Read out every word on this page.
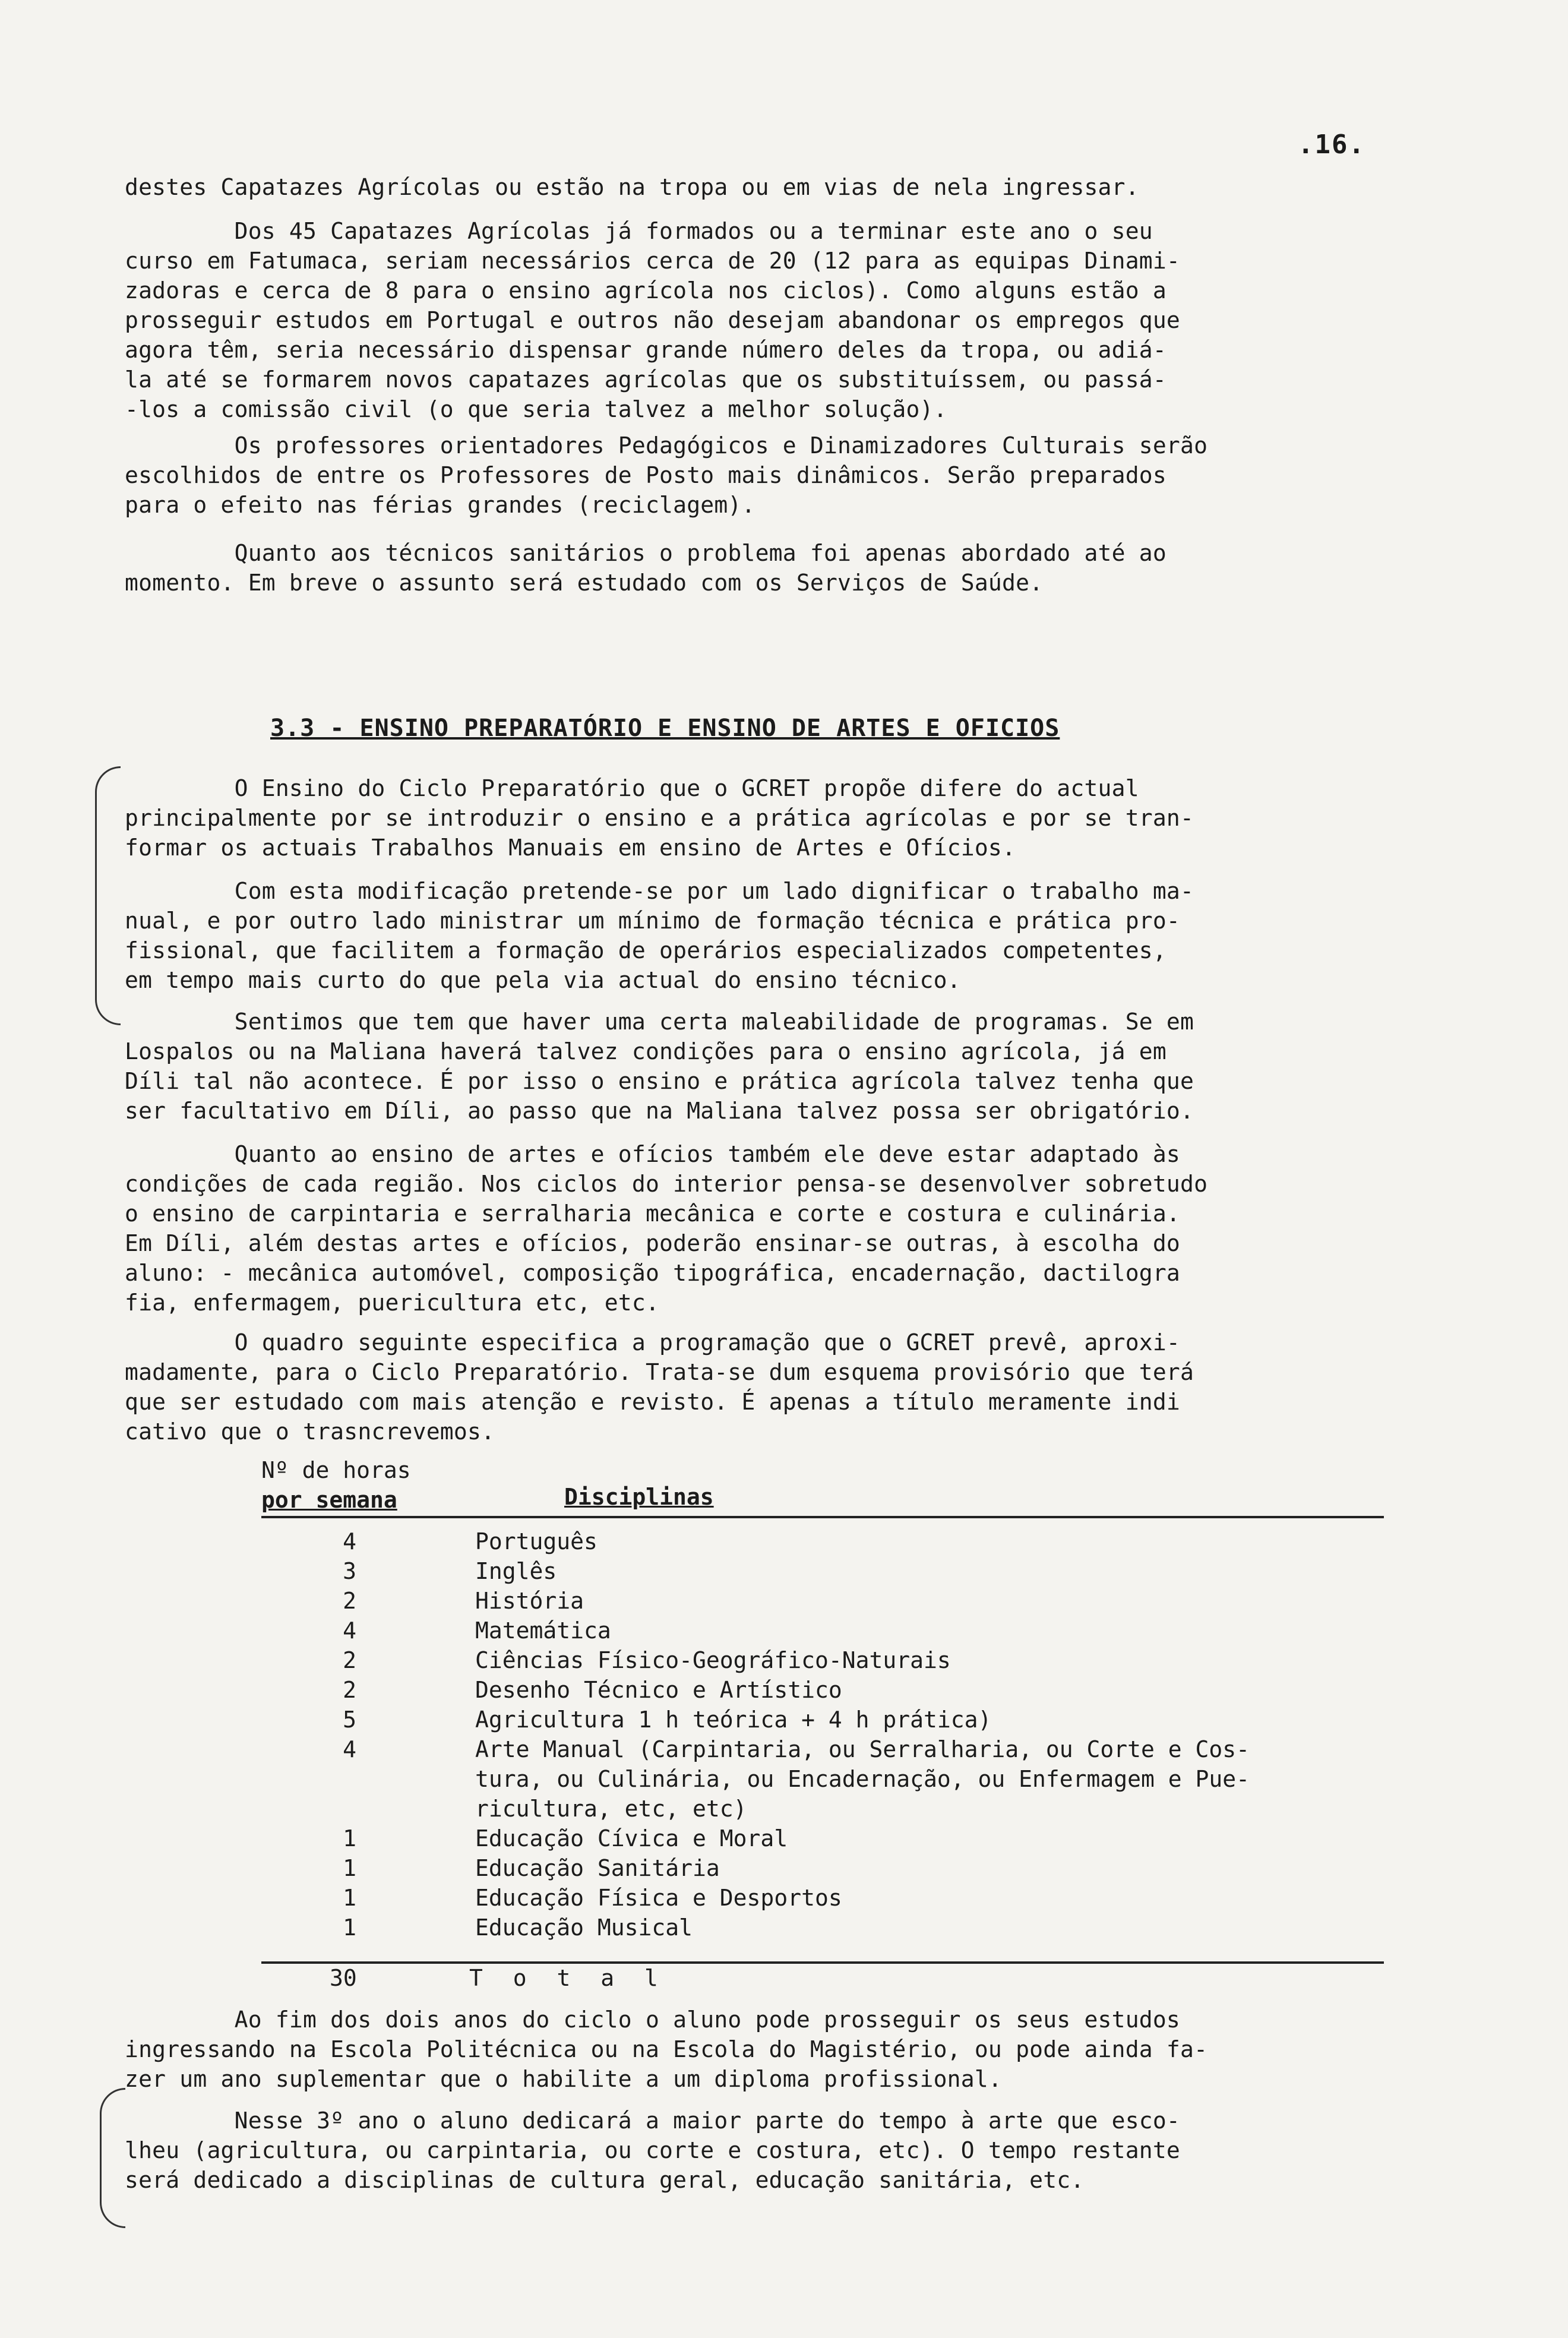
.16.
destes Capatazes Agrícolas ou estão na tropa ou em vias de nela ingressar.
Dos 45 Capatazes Agrícolas já formados ou a terminar este ano o seu
curso em Fatumaca, seriam necessários cerca de 20 (12 para as equipas Dinami-
zadoras e cerca de 8 para o ensino agrícola nos ciclos). Como alguns estão a
prosseguir estudos em Portugal e outros não desejam abandonar os empregos que
agora têm, seria necessário dispensar grande número deles da tropa, ou adiá-
la até se formarem novos capatazes agrícolas que os substituíssem, ou passá-
-los a comissão civil (o que seria talvez a melhor solução).
Os professores orientadores Pedagógicos e Dinamizadores Culturais serão
escolhidos de entre os Professores de Posto mais dinâmicos. Serão preparados
para o efeito nas férias grandes (reciclagem).
Quanto aos técnicos sanitários o problema foi apenas abordado até ao
momento. Em breve o assunto será estudado com os Serviços de Saúde.
3.3 - ENSINO PREPARATÓRIO E ENSINO DE ARTES E OFICIOS
O Ensino do Ciclo Preparatório que o GCRET propõe difere do actual
principalmente por se introduzir o ensino e a prática agrícolas e por se tran-
formar os actuais Trabalhos Manuais em ensino de Artes e Ofícios.
Com esta modificação pretende-se por um lado dignificar o trabalho ma-
nual, e por outro lado ministrar um mínimo de formação técnica e prática pro-
fissional, que facilitem a formação de operários especializados competentes,
em tempo mais curto do que pela via actual do ensino técnico.
Sentimos que tem que haver uma certa maleabilidade de programas. Se em
Lospalos ou na Maliana haverá talvez condições para o ensino agrícola, já em
Díli tal não acontece. É por isso o ensino e prática agrícola talvez tenha que
ser facultativo em Díli, ao passo que na Maliana talvez possa ser obrigatório.
Quanto ao ensino de artes e ofícios também ele deve estar adaptado às
condições de cada região. Nos ciclos do interior pensa-se desenvolver sobretudo
o ensino de carpintaria e serralharia mecânica e corte e costura e culinária.
Em Díli, além destas artes e ofícios, poderão ensinar-se outras, à escolha do
aluno: - mecânica automóvel, composição tipográfica, encadernação, dactilogra
fia, enfermagem, puericultura etc, etc.
O quadro seguinte especifica a programação que o GCRET prevê, aproxi-
madamente, para o Ciclo Preparatório. Trata-se dum esquema provisório que terá
que ser estudado com mais atenção e revisto. É apenas a título meramente indi
cativo que o trasncrevemos.
Nº de horas
por semana	Disciplinas
4	Português
3	Inglês
2	História
4	Matemática
2	Ciências Físico-Geográfico-Naturais
2	Desenho Técnico e Artístico
5	Agricultura 1 h teórica + 4 h prática)
4	Arte Manual (Carpintaria, ou Serralharia, ou Corte e Cos-
tura, ou Culinária, ou Encadernação, ou Enfermagem e Pue-
ricultura, etc, etc)
1	Educação Cívica e Moral
1	Educação Sanitária
1	Educação Física e Desportos
1	Educação Musical
30	T o t a l
Ao fim dos dois anos do ciclo o aluno pode prosseguir os seus estudos
ingressando na Escola Politécnica ou na Escola do Magistério, ou pode ainda fa-
zer um ano suplementar que o habilite a um diploma profissional.
Nesse 3º ano o aluno dedicará a maior parte do tempo à arte que esco-
lheu (agricultura, ou carpintaria, ou corte e costura, etc). O tempo restante
será dedicado a disciplinas de cultura geral, educação sanitária, etc.
